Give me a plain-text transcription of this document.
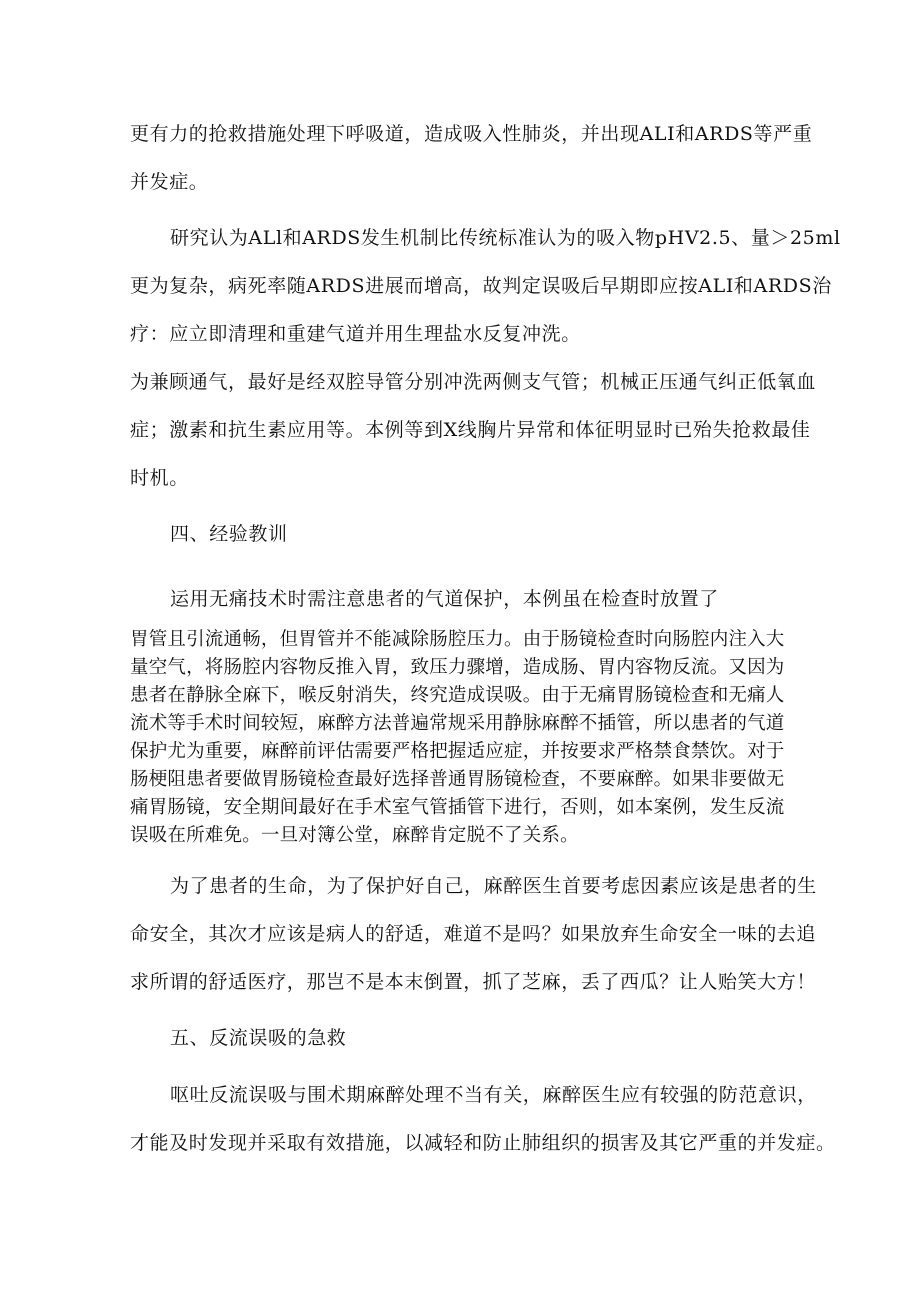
更有力的抢救措施处理下呼吸道，造成吸入性肺炎，并出现ALI和ARDS等严重
并发症。
研究认为ALl和ARDS发生机制比传统标准认为的吸入物pHV2.5、量＞25ml
更为复杂，病死率随ARDS进展而增高，故判定误吸后早期即应按ALI和ARDS治
疗：应立即清理和重建气道并用生理盐水反复冲洗。
为兼顾通气，最好是经双腔导管分别冲洗两侧支气管；机械正压通气纠正低氧血
症；激素和抗生素应用等。本例等到X线胸片异常和体征明显时已殆失抢救最佳
时机。
四、经验教训
运用无痛技术时需注意患者的气道保护，本例虽在检查时放置了
胃管且引流通畅，但胃管并不能减除肠腔压力。由于肠镜检查时向肠腔内注入大
量空气，将肠腔内容物反推入胃，致压力骤增，造成肠、胃内容物反流。又因为
患者在静脉全麻下，喉反射消失，终究造成误吸。由于无痛胃肠镜检查和无痛人
流术等手术时间较短，麻醉方法普遍常规采用静脉麻醉不插管，所以患者的气道
保护尤为重要，麻醉前评估需要严格把握适应症，并按要求严格禁食禁饮。对于
肠梗阻患者要做胃肠镜检查最好选择普通胃肠镜检查，不要麻醉。如果非要做无
痛胃肠镜，安全期间最好在手术室气管插管下进行，否则，如本案例，发生反流
误吸在所难免。一旦对簿公堂，麻醉肯定脱不了关系。
为了患者的生命，为了保护好自己，麻醉医生首要考虑因素应该是患者的生
命安全，其次才应该是病人的舒适，难道不是吗？如果放弃生命安全一味的去追
求所谓的舒适医疗，那岂不是本末倒置，抓了芝麻，丢了西瓜？让人贻笑大方！
五、反流误吸的急救
呕吐反流误吸与围术期麻醉处理不当有关，麻醉医生应有较强的防范意识，
才能及时发现并采取有效措施，以减轻和防止肺组织的损害及其它严重的并发症。
